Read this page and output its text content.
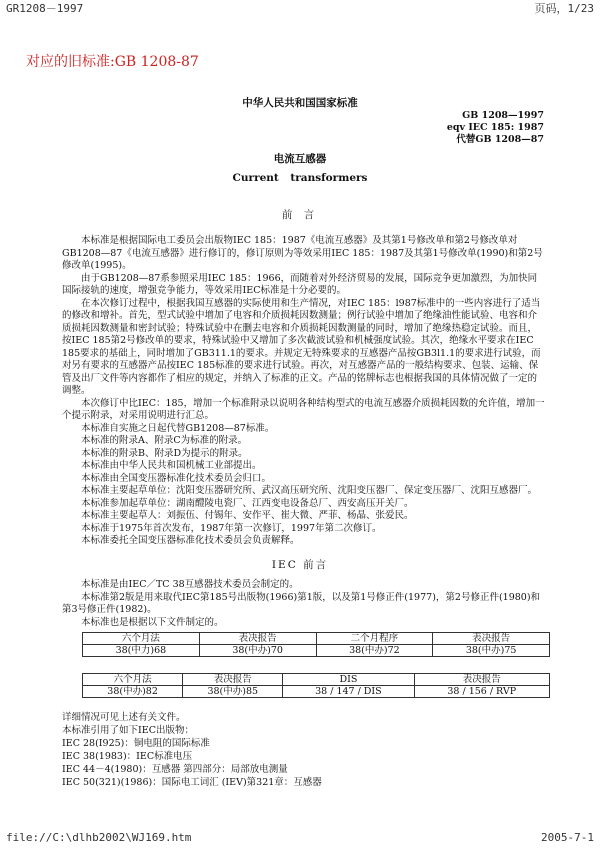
GR1208－1997	页码，1/23
对应的旧标准:GB 1208-87
中华人民共和国国家标准
GB 1208—1997
eqv IEC 185: 1987
代替GB 1208—87
电流互感器
Current transformers
前 言

本标准是根据国际电工委员会出版物IEC 185：1987《电流互感器》及其第1号修改单和第2号修改单对GB1208—87《电流互感器》进行修订的，修订原则为等效采用IEC 185：1987及其第1号修改单(1990)和第2号修改单(1995)。

由于GB1208—87系参照采用IEC 185：1966，而随着对外经济贸易的发展，国际竞争更加激烈，为加快同国际接轨的速度，增强竞争能力，等效采用IEC标准是十分必要的。

在本次修订过程中，根据我国互感器的实际使用和生产情况，对IEC 185：l987标准中的一些内容进行了适当的修改和增补。首先，型式试验中增加了电容和介质损耗因数测量；例行试验中增加了绝缘油性能试验、电容和介质损耗因数测量和密封试验；特殊试验中在删去电容和介质损耗因数测量的同时，增加了绝缘热稳定试验。而且，按IEC 185第2号修改单的要求，特殊试验中又增加了多次截波试验和机械强度试验。其次，绝缘水平要求在IEC 185要求的基础上，同时增加了GB311.1的要求。并规定无特殊要求的互感器产品按GB3l1.1的要求进行试验，而对另有要求的互感器产品按IEC 185标准的要求进行试验。再次，对互感器产品的一般结构要求、包装、运输、保管及出厂文件等内容都作了相应的规定，并纳入了标准的正文。产品的铭牌标志也根据我国的具体情况做了一定的调整。

本次修订中比IEC：185，增加一个标准附录以说明各种结构型式的电流互感器介质损耗因数的允许值，增加一个提示附录，对采用说明进行汇总。

本标准自实施之日起代替GB1208—87标准。

本标准的附录A、附录C为标准的附录。

本标准的附录B、附录D为提示的附录。

本标准由中华人民共和国机械工业部提出。

本标准由全国变压器标准化技术委员会归口。

本标准主要起草单位：沈阳变压器研究所、武汉高压研究所、沈阳变压器厂、保定变压器厂、沈阳互感器厂。

本标准参加起草单位：湖南醴陵电瓷厂、江西变电设备总厂、西安高压开关厂。

本标准主要起草人：刘振伍、付锡年、安作平、崔大微、严菲、杨晶、张爱民。

本标准于1975年首次发布，1987年第一次修订，1997年第二次修订。

本标准委托全国变压器标准化技术委员会负责解释。

IEC 前言

本标准是由IEC／TC 38互感器技术委员会制定的。

本标准第2版是用来取代IEC第185号出版物(1966)第1版，以及第1号修正件(1977)，第2号修正件(1980)和第3号修正件(1982)。

本标准也是根据以下文件制定的。

六个月法	表决报告	二个月程序	表决报告
38(中力)68	38(中办)70	38(中办)72	38(中办)75
六个月法	表决报告	DIS	表决报告
38(中办)82	38(中办)85	38 / 147 / DIS	38 / 156 / RVP
详细情况可见上述有关文件。
本标准引用了如下IEC出版物：
IEC 28(I925)：铜电阻的国际标准
IEC 38(1983)：IEC标准电压
IEC 44－4(1980)：互感器 第四部分：局部放电测量
IEC 50(321)(1986)：国际电工词汇 (IEV)第321章：互感器
file://C:\dlhb2002\WJ169.htm	2005-7-1
